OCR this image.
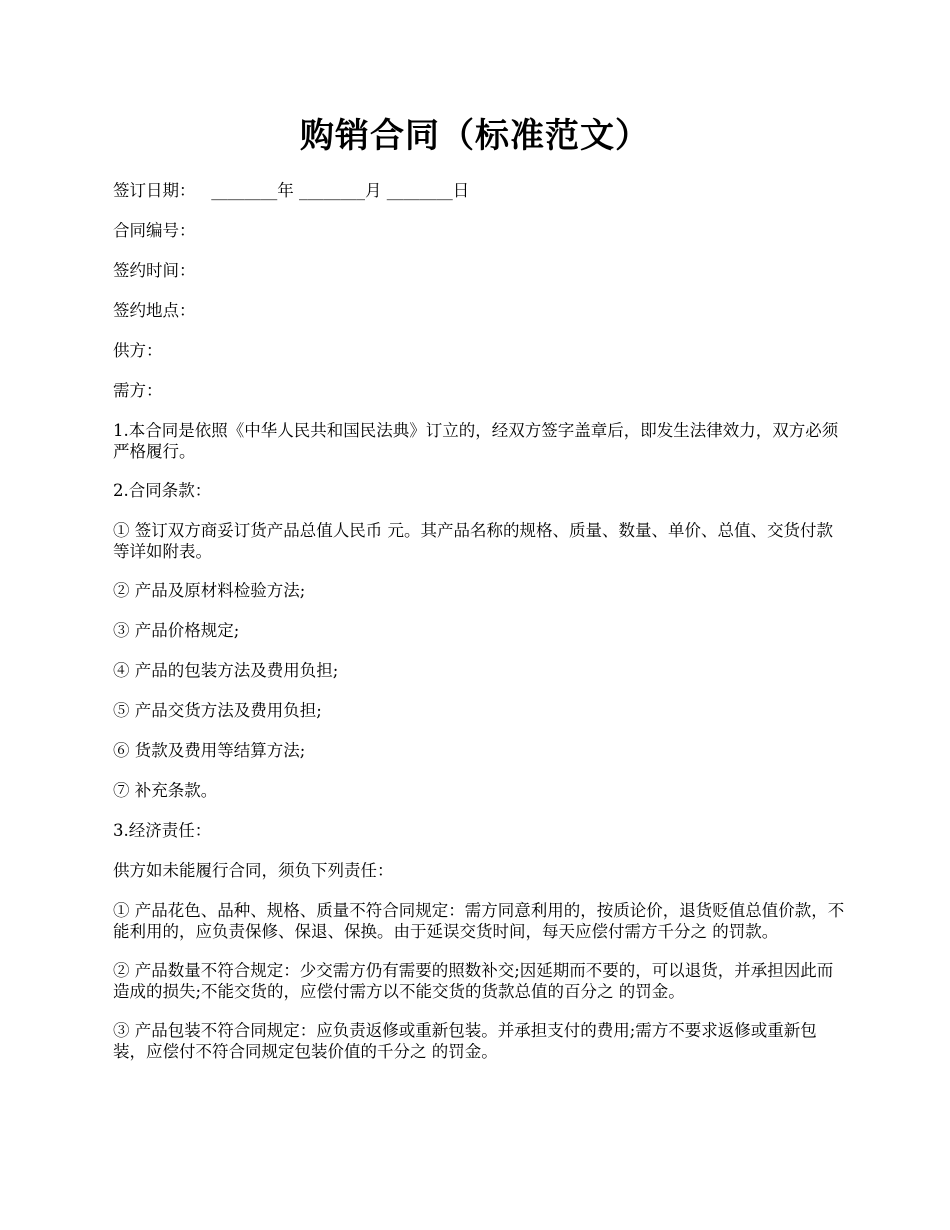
购销合同（标准范文）
签订日期： ________年 ________月 ________日
合同编号：
签约时间：
签约地点：
供方：
需方：
1.本合同是依照《中华人民共和国民法典》订立的，经双方签字盖章后，即发生法律效力，双方必须严格履行。
2.合同条款：
① 签订双方商妥订货产品总值人民币 元。其产品名称的规格、质量、数量、单价、总值、交货付款等详如附表。
② 产品及原材料检验方法;
③ 产品价格规定;
④ 产品的包装方法及费用负担;
⑤ 产品交货方法及费用负担;
⑥ 货款及费用等结算方法;
⑦ 补充条款。
3.经济责任：
供方如未能履行合同，须负下列责任：
① 产品花色、品种、规格、质量不符合同规定：需方同意利用的，按质论价，退货贬值总值价款，不能利用的，应负责保修、保退、保换。由于延误交货时间，每天应偿付需方千分之 的罚款。
② 产品数量不符合规定：少交需方仍有需要的照数补交;因延期而不要的，可以退货，并承担因此而造成的损失;不能交货的，应偿付需方以不能交货的货款总值的百分之 的罚金。
③ 产品包装不符合同规定：应负责返修或重新包装。并承担支付的费用;需方不要求返修或重新包装，应偿付不符合同规定包装价值的千分之 的罚金。
